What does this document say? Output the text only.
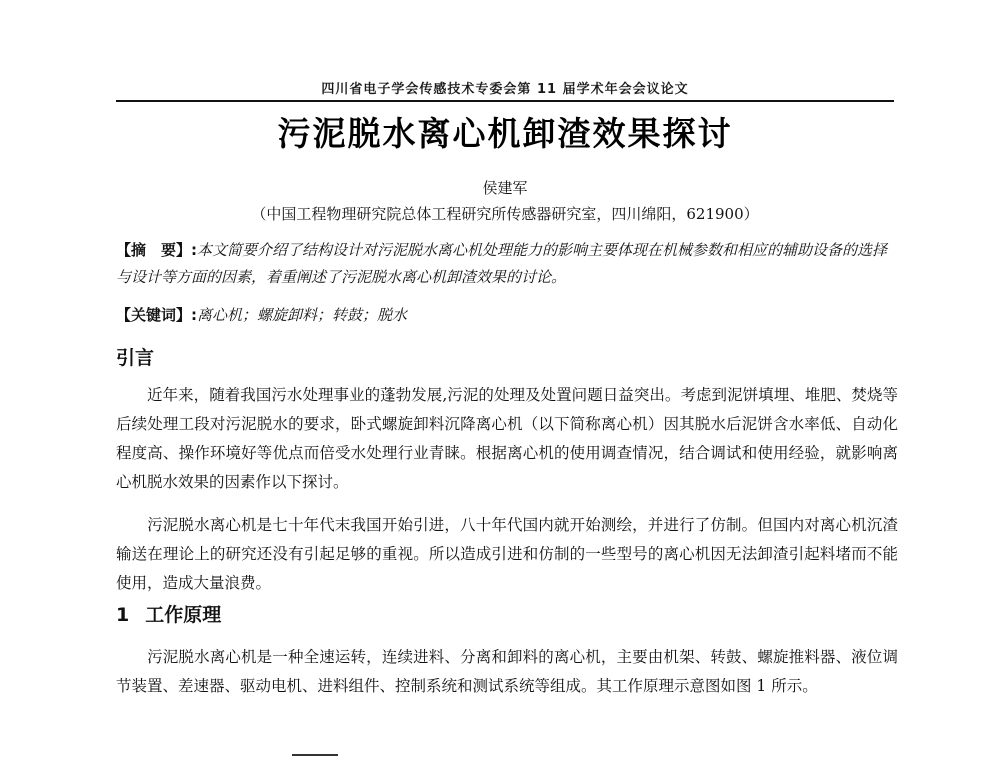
四川省电子学会传感技术专委会第 11 届学术年会会议论文
污泥脱水离心机卸渣效果探讨
侯建军
（中国工程物理研究院总体工程研究所传感器研究室，四川绵阳，621900）
【摘　要】:本文简要介绍了结构设计对污泥脱水离心机处理能力的影响主要体现在机械参数和相应的辅助设备的选择与设计等方面的因素，着重阐述了污泥脱水离心机卸渣效果的讨论。
【关键词】:离心机；螺旋卸料；转鼓；脱水
引言
近年来，随着我国污水处理事业的蓬勃发展,污泥的处理及处置问题日益突出。考虑到泥饼填埋、堆肥、焚烧等后续处理工段对污泥脱水的要求，卧式螺旋卸料沉降离心机（以下简称离心机）因其脱水后泥饼含水率低、自动化程度高、操作环境好等优点而倍受水处理行业青睐。根据离心机的使用调查情况，结合调试和使用经验，就影响离心机脱水效果的因素作以下探讨。
污泥脱水离心机是七十年代末我国开始引进，八十年代国内就开始测绘，并进行了仿制。但国内对离心机沉渣输送在理论上的研究还没有引起足够的重视。所以造成引进和仿制的一些型号的离心机因无法卸渣引起料堵而不能使用，造成大量浪费。
1 工作原理
污泥脱水离心机是一种全速运转，连续进料、分离和卸料的离心机，主要由机架、转鼓、螺旋推料器、液位调节装置、差速器、驱动电机、进料组件、控制系统和测试系统等组成。其工作原理示意图如图 1 所示。
